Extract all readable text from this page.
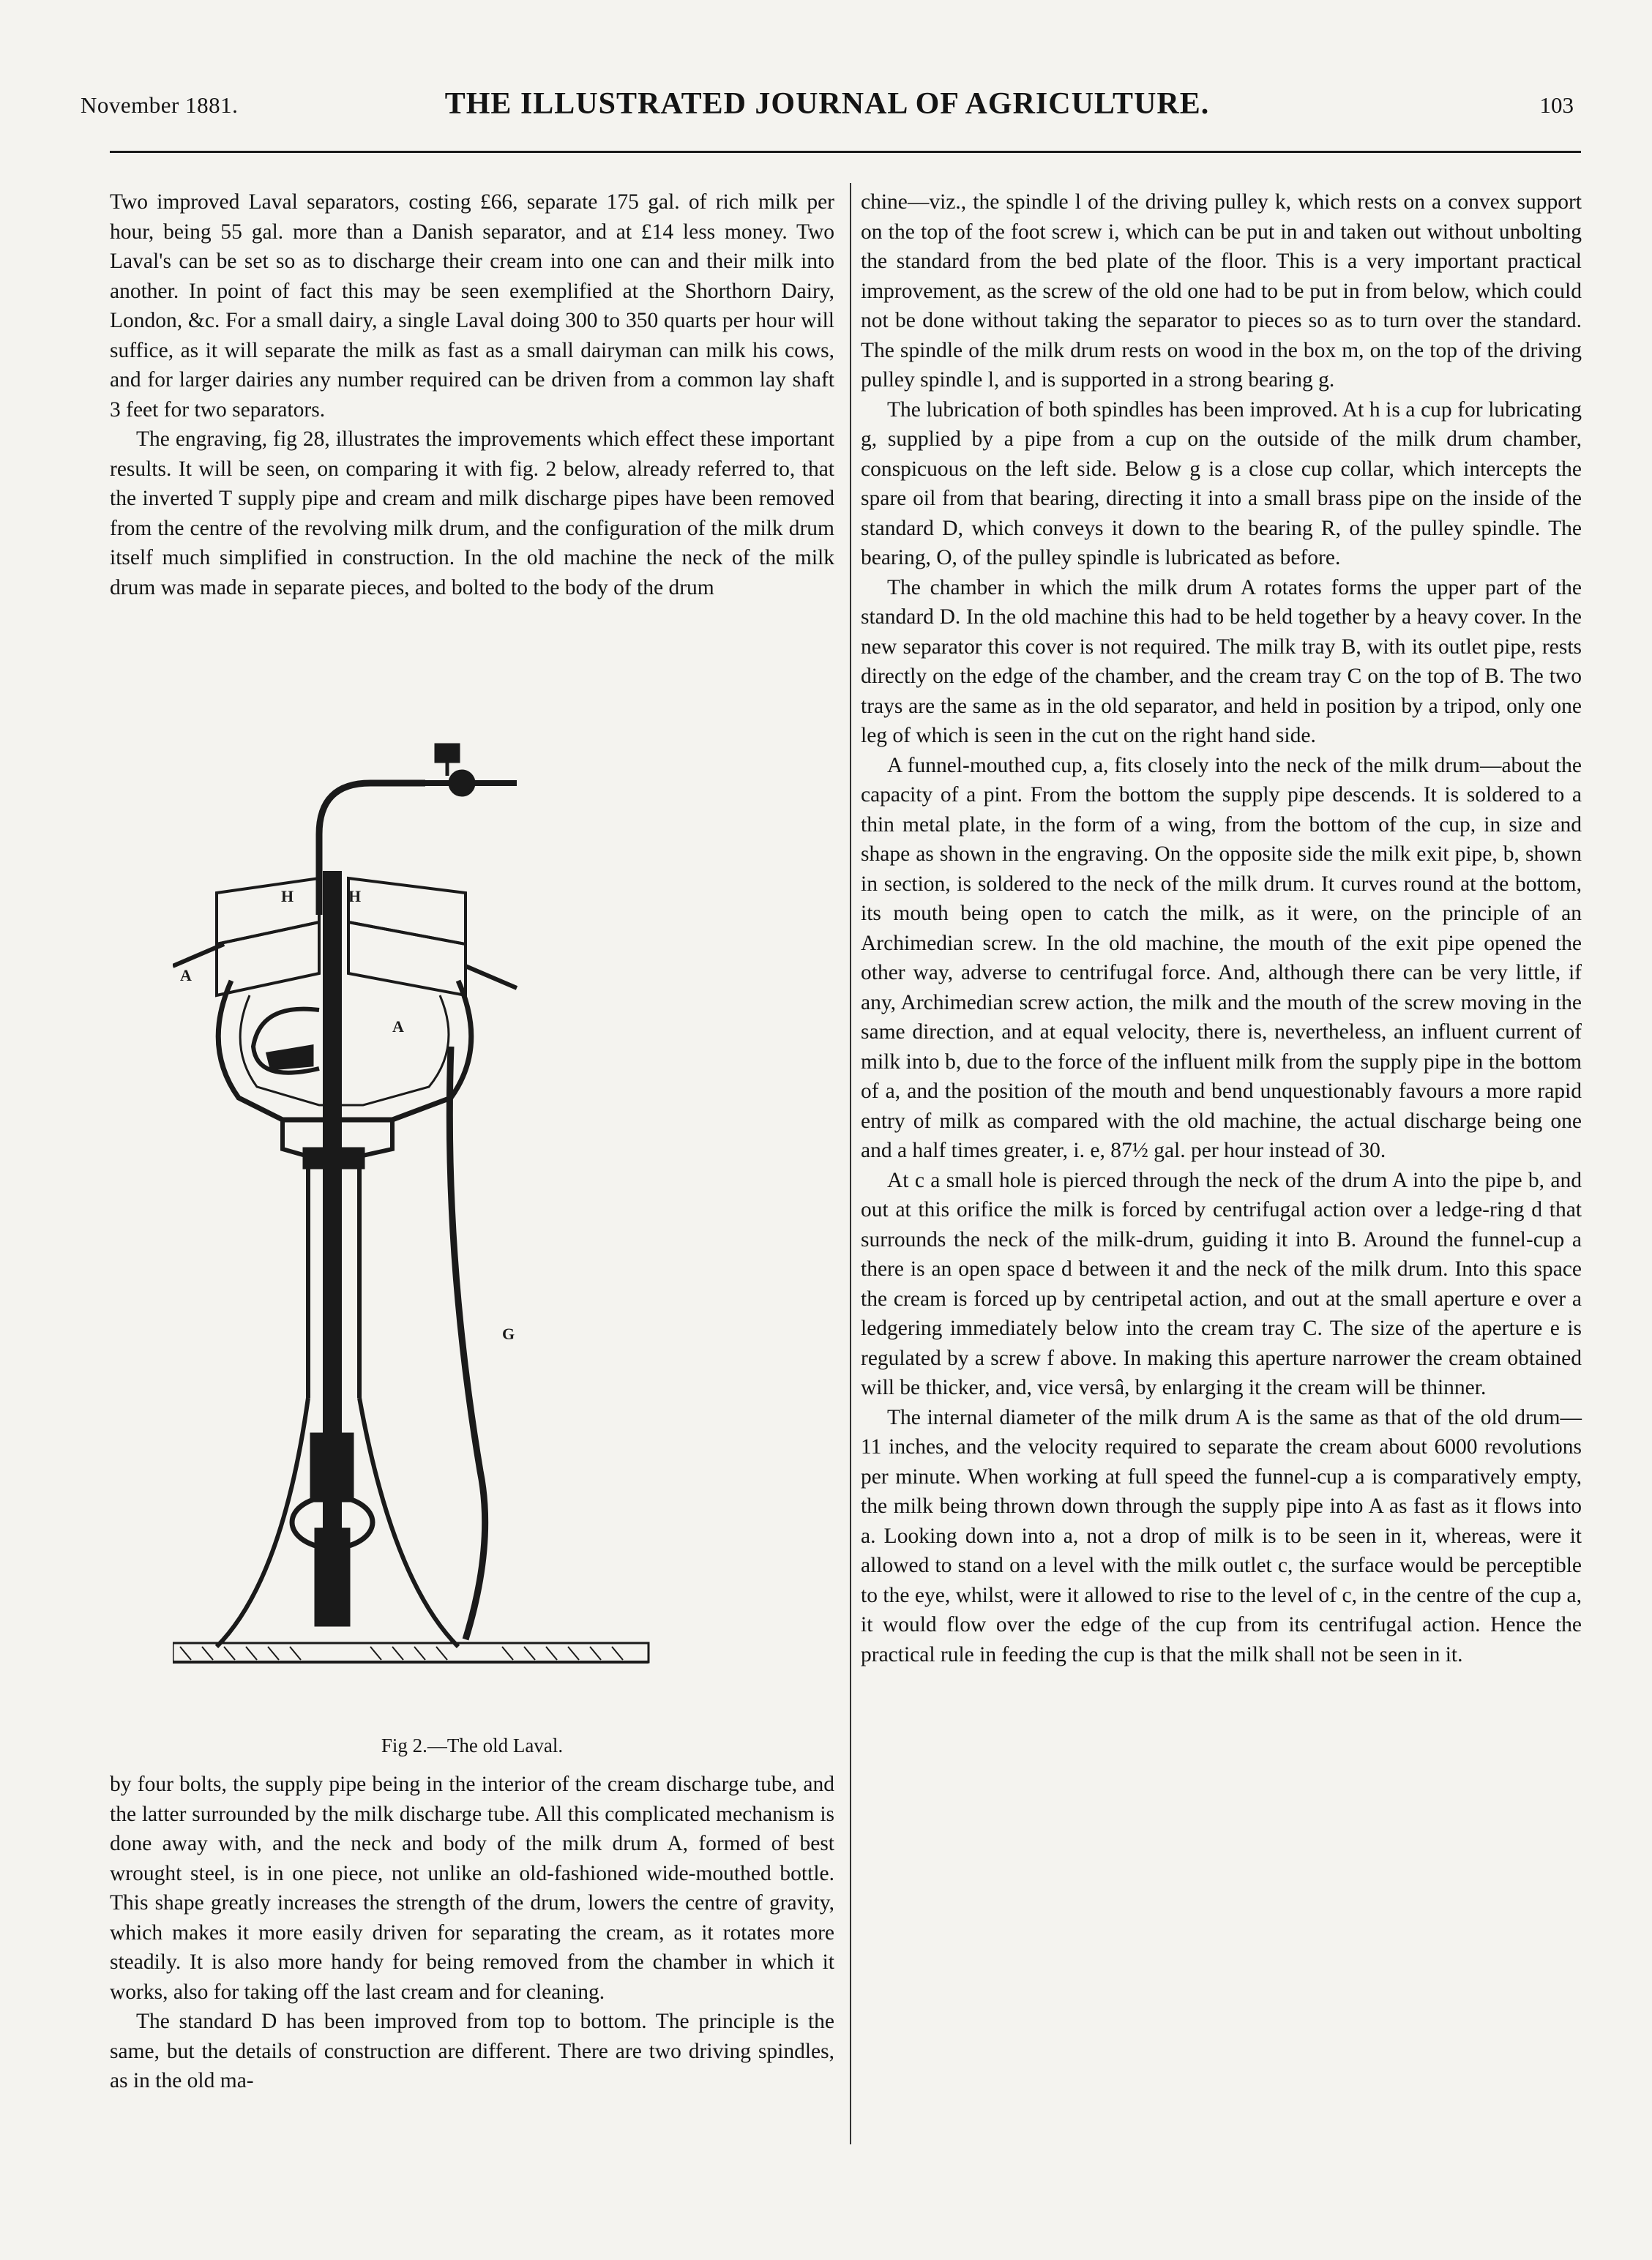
November 1881.	THE ILLUSTRATED JOURNAL OF AGRICULTURE.	103

Two improved Laval separators, costing £66, separate 175 gal. of rich milk per hour, being 55 gal. more than a Danish separator, and at £14 less money. Two Laval's can be set so as to discharge their cream into one can and their milk into another. In point of fact this may be seen exemplified at the Shorthorn Dairy, London, &c. For a small dairy, a single Laval doing 300 to 350 quarts per hour will suffice, as it will separate the milk as fast as a small dairyman can milk his cows, and for larger dairies any number required can be driven from a common lay shaft 3 feet for two separators.

The engraving, fig 28, illustrates the improvements which effect these important results. It will be seen, on comparing it with fig. 2 below, already referred to, that the inverted T supply pipe and cream and milk discharge pipes have been removed from the centre of the revolving milk drum, and the configuration of the milk drum itself much simplified in construction. In the old machine the neck of the milk drum was made in separate pieces, and bolted to the body of the drum

H	H
A
A
G
Fig 2.—The old Laval.

by four bolts, the supply pipe being in the interior of the cream discharge tube, and the latter surrounded by the milk discharge tube. All this complicated mechanism is done away with, and the neck and body of the milk drum A, formed of best wrought steel, is in one piece, not unlike an old-fashioned wide-mouthed bottle. This shape greatly increases the strength of the drum, lowers the centre of gravity, which makes it more easily driven for separating the cream, as it rotates more steadily. It is also more handy for being removed from the chamber in which it works, also for taking off the last cream and for cleaning.

The standard D has been improved from top to bottom. The principle is the same, but the details of construction are different. There are two driving spindles, as in the old ma-

chine—viz., the spindle l of the driving pulley k, which rests on a convex support on the top of the foot screw i, which can be put in and taken out without unbolting the standard from the bed plate of the floor. This is a very important practical improvement, as the screw of the old one had to be put in from below, which could not be done without taking the separator to pieces so as to turn over the standard. The spindle of the milk drum rests on wood in the box m, on the top of the driving pulley spindle l, and is supported in a strong bearing g.

The lubrication of both spindles has been improved. At h is a cup for lubricating g, supplied by a pipe from a cup on the outside of the milk drum chamber, conspicuous on the left side. Below g is a close cup collar, which intercepts the spare oil from that bearing, directing it into a small brass pipe on the inside of the standard D, which conveys it down to the bearing R, of the pulley spindle. The bearing, O, of the pulley spindle is lubricated as before.

The chamber in which the milk drum A rotates forms the upper part of the standard D. In the old machine this had to be held together by a heavy cover. In the new separator this cover is not required. The milk tray B, with its outlet pipe, rests directly on the edge of the chamber, and the cream tray C on the top of B. The two trays are the same as in the old separator, and held in position by a tripod, only one leg of which is seen in the cut on the right hand side.

A funnel-mouthed cup, a, fits closely into the neck of the milk drum—about the capacity of a pint. From the bottom the supply pipe descends. It is soldered to a thin metal plate, in the form of a wing, from the bottom of the cup, in size and shape as shown in the engraving. On the opposite side the milk exit pipe, b, shown in section, is soldered to the neck of the milk drum. It curves round at the bottom, its mouth being open to catch the milk, as it were, on the principle of an Archimedian screw. In the old machine, the mouth of the exit pipe opened the other way, adverse to centrifugal force. And, although there can be very little, if any, Archimedian screw action, the milk and the mouth of the screw moving in the same direction, and at equal velocity, there is, nevertheless, an influent current of milk into b, due to the force of the influent milk from the supply pipe in the bottom of a, and the position of the mouth and bend unquestionably favours a more rapid entry of milk as compared with the old machine, the actual discharge being one and a half times greater, i. e, 87½ gal. per hour instead of 30.

At c a small hole is pierced through the neck of the drum A into the pipe b, and out at this orifice the milk is forced by centrifugal action over a ledge-ring d that surrounds the neck of the milk-drum, guiding it into B. Around the funnel-cup a there is an open space d between it and the neck of the milk drum. Into this space the cream is forced up by centripetal action, and out at the small aperture e over a ledgering immediately below into the cream tray C. The size of the aperture e is regulated by a screw f above. In making this aperture narrower the cream obtained will be thicker, and, vice versâ, by enlarging it the cream will be thinner.

The internal diameter of the milk drum A is the same as that of the old drum—11 inches, and the velocity required to separate the cream about 6000 revolutions per minute. When working at full speed the funnel-cup a is comparatively empty, the milk being thrown down through the supply pipe into A as fast as it flows into a. Looking down into a, not a drop of milk is to be seen in it, whereas, were it allowed to stand on a level with the milk outlet c, the surface would be perceptible to the eye, whilst, were it allowed to rise to the level of c, in the centre of the cup a, it would flow over the edge of the cup from its centrifugal action. Hence the practical rule in feeding the cup is that the milk shall not be seen in it.
